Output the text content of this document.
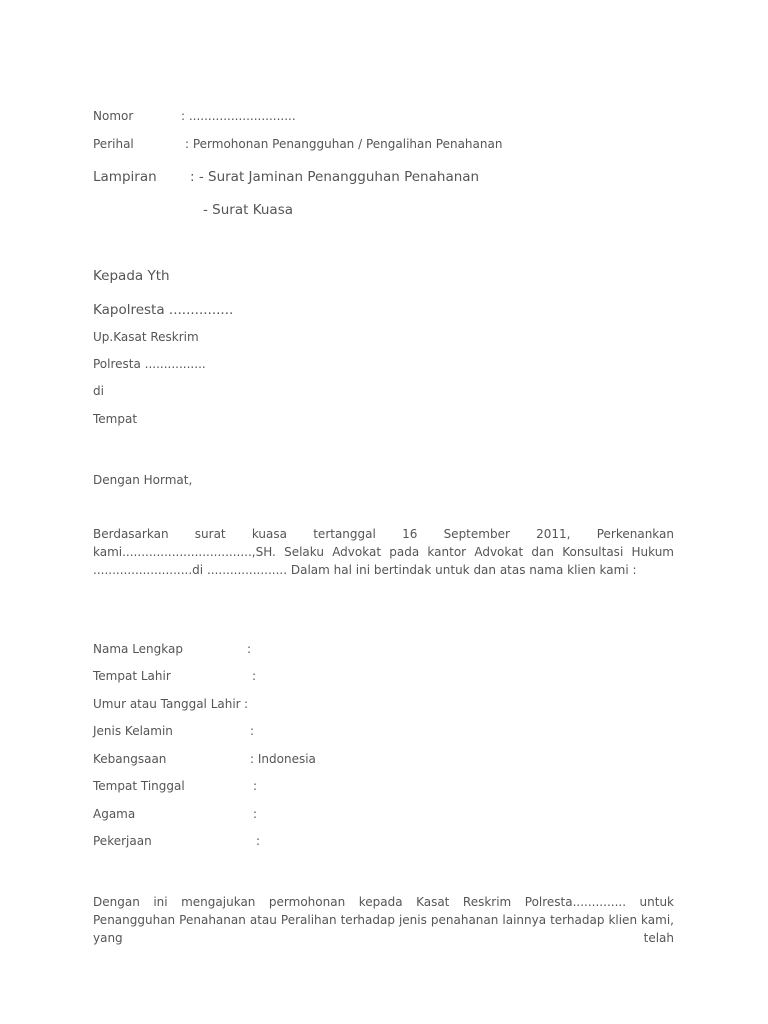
Nomor	: ............................
Perihal	: Permohonan Penangguhan / Pengalihan Penahanan
Lampiran : - Surat Jaminan Penangguhan Penahanan
- Surat Kuasa
Kepada Yth
Kapolresta ...............
Up.Kasat Reskrim
Polresta ................
di
Tempat
Dengan Hormat,
Berdasarkan surat kuasa tertanggal 16 September 2011, Perkenankan kami..................................,SH. Selaku Advokat pada kantor Advokat dan Konsultasi Hukum ..........................di ..................... Dalam hal ini bertindak untuk dan atas nama klien kami :
Nama Lengkap	:
Tempat Lahir	:
Umur atau Tanggal Lahir :
Jenis Kelamin	:
Kebangsaan	: Indonesia
Tempat Tinggal	:
Agama	:
Pekerjaan	:
Dengan ini mengajukan permohonan kepada Kasat Reskrim Polresta.............. untuk Penangguhan Penahanan atau Peralihan terhadap jenis penahanan lainnya terhadap klien kami, yang telah
